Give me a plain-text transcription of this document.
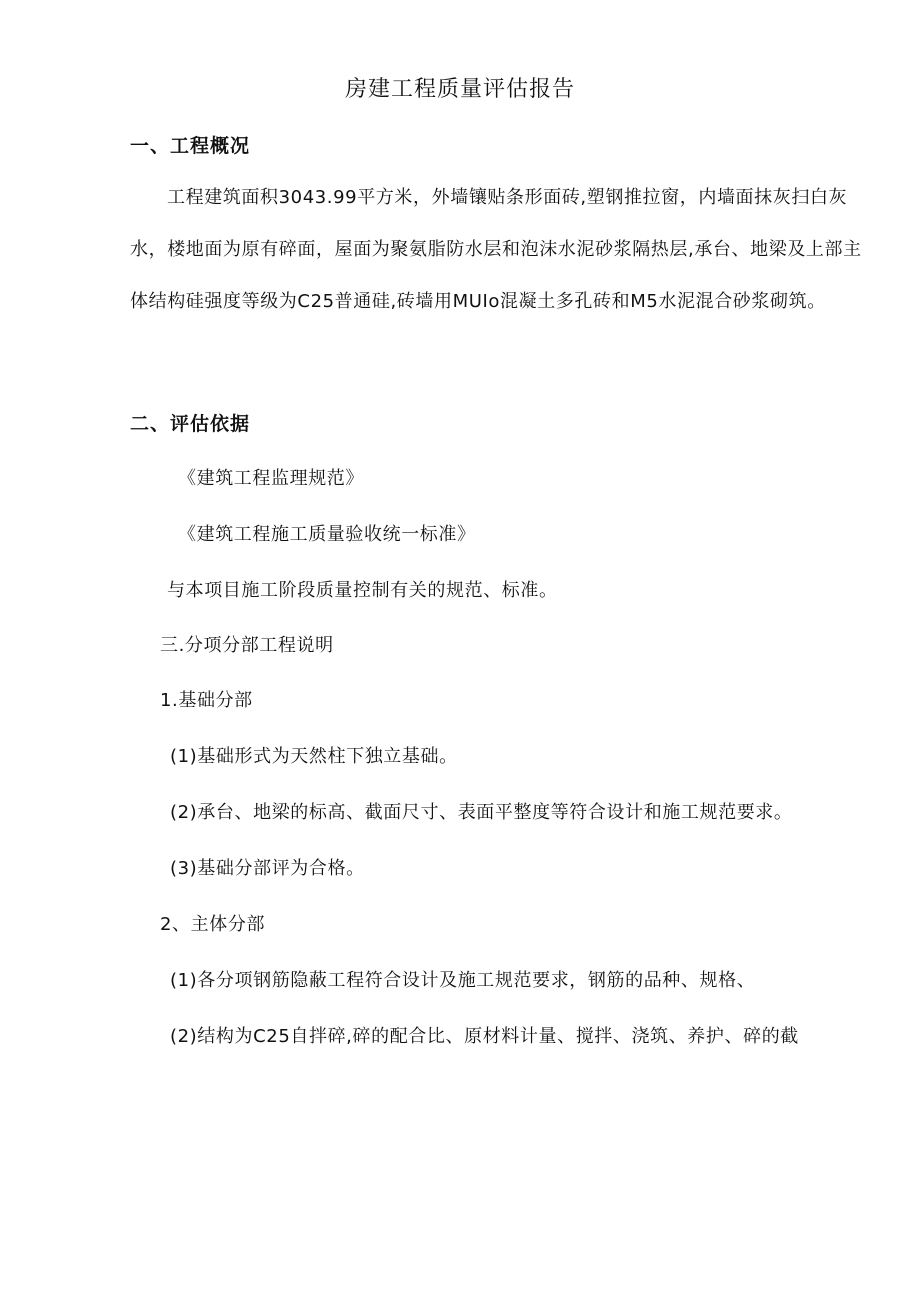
房建工程质量评估报告
一、工程概况
工程建筑面积3043.99平方米，外墙镶贴条形面砖,塑钢推拉窗，内墙面抹灰扫白灰水，楼地面为原有碎面，屋面为聚氨脂防水层和泡沫水泥砂浆隔热层,承台、地梁及上部主体结构硅强度等级为C25普通硅,砖墙用MUIo混凝土多孔砖和M5水泥混合砂浆砌筑。
二、评估依据
《建筑工程监理规范》
《建筑工程施工质量验收统一标准》
与本项目施工阶段质量控制有关的规范、标准。
三.分项分部工程说明
1.基础分部
(1)基础形式为天然柱下独立基础。
(2)承台、地梁的标高、截面尺寸、表面平整度等符合设计和施工规范要求。
(3)基础分部评为合格。
2、主体分部
(1)各分项钢筋隐蔽工程符合设计及施工规范要求，钢筋的品种、规格、
(2)结构为C25自拌碎,碎的配合比、原材料计量、搅拌、浇筑、养护、碎的截
